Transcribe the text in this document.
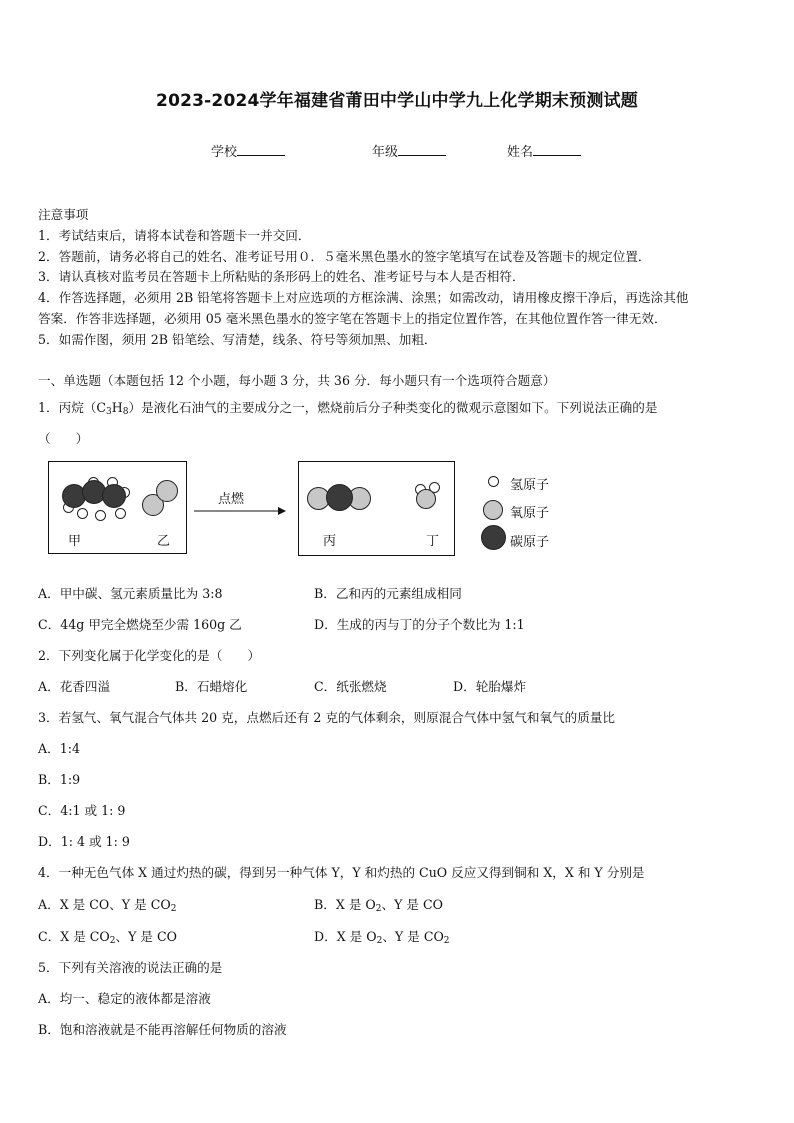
2023-2024学年福建省莆田中学山中学九上化学期末预测试题
学校	年级	姓名
注意事项
1．考试结束后，请将本试卷和答题卡一并交回．
2．答题前，请务必将自己的姓名、准考证号用０．５毫米黑色墨水的签字笔填写在试卷及答题卡的规定位置．
3．请认真核对监考员在答题卡上所粘贴的条形码上的姓名、准考证号与本人是否相符．
4．作答选择题，必须用 2B 铅笔将答题卡上对应选项的方框涂满、涂黑；如需改动，请用橡皮擦干净后，再选涂其他
答案．作答非选择题，必须用 05 毫米黑色墨水的签字笔在答题卡上的指定位置作答，在其他位置作答一律无效．
5．如需作图，须用 2B 铅笔绘、写清楚，线条、符号等须加黑、加粗．
一、单选题（本题包括 12 个小题，每小题 3 分，共 36 分．每小题只有一个选项符合题意）
1．丙烷$(C_3H_8)$是液化石油气的主要成分之一，燃烧前后分子种类变化的微观示意图如下。下列说法正确的是
（　　）
甲	乙
点燃
丙	丁
氢原子
氧原子
碳原子
A．甲中碳、氢元素质量比为 3:8	B．乙和丙的元素组成相同
C．44g 甲完全燃烧至少需 160g 乙	D．生成的丙与丁的分子个数比为 1:1
2．下列变化属于化学变化的是（　　）
A．花香四溢	B．石蜡熔化	C．纸张燃烧	D．轮胎爆炸
3．若氢气、氧气混合气体共 20 克，点燃后还有 2 克的气体剩余，则原混合气体中氢气和氧气的质量比
A．1:4
B．1:9
C．4:1 或 1: 9
D．1: 4 或 1: 9
4．一种无色气体 X 通过灼热的碳，得到另一种气体 Y，Y 和灼热的 CuO 反应又得到铜和 X，X 和 Y 分别是
A．X 是 CO、Y 是 $CO_2$	B．X 是 $O_2$、Y 是 CO
C．X 是 $CO_2$、Y 是 CO	D．X 是 $O_2$、Y 是 $CO_2$
5．下列有关溶液的说法正确的是
A．均一、稳定的液体都是溶液
B．饱和溶液就是不能再溶解任何物质的溶液
